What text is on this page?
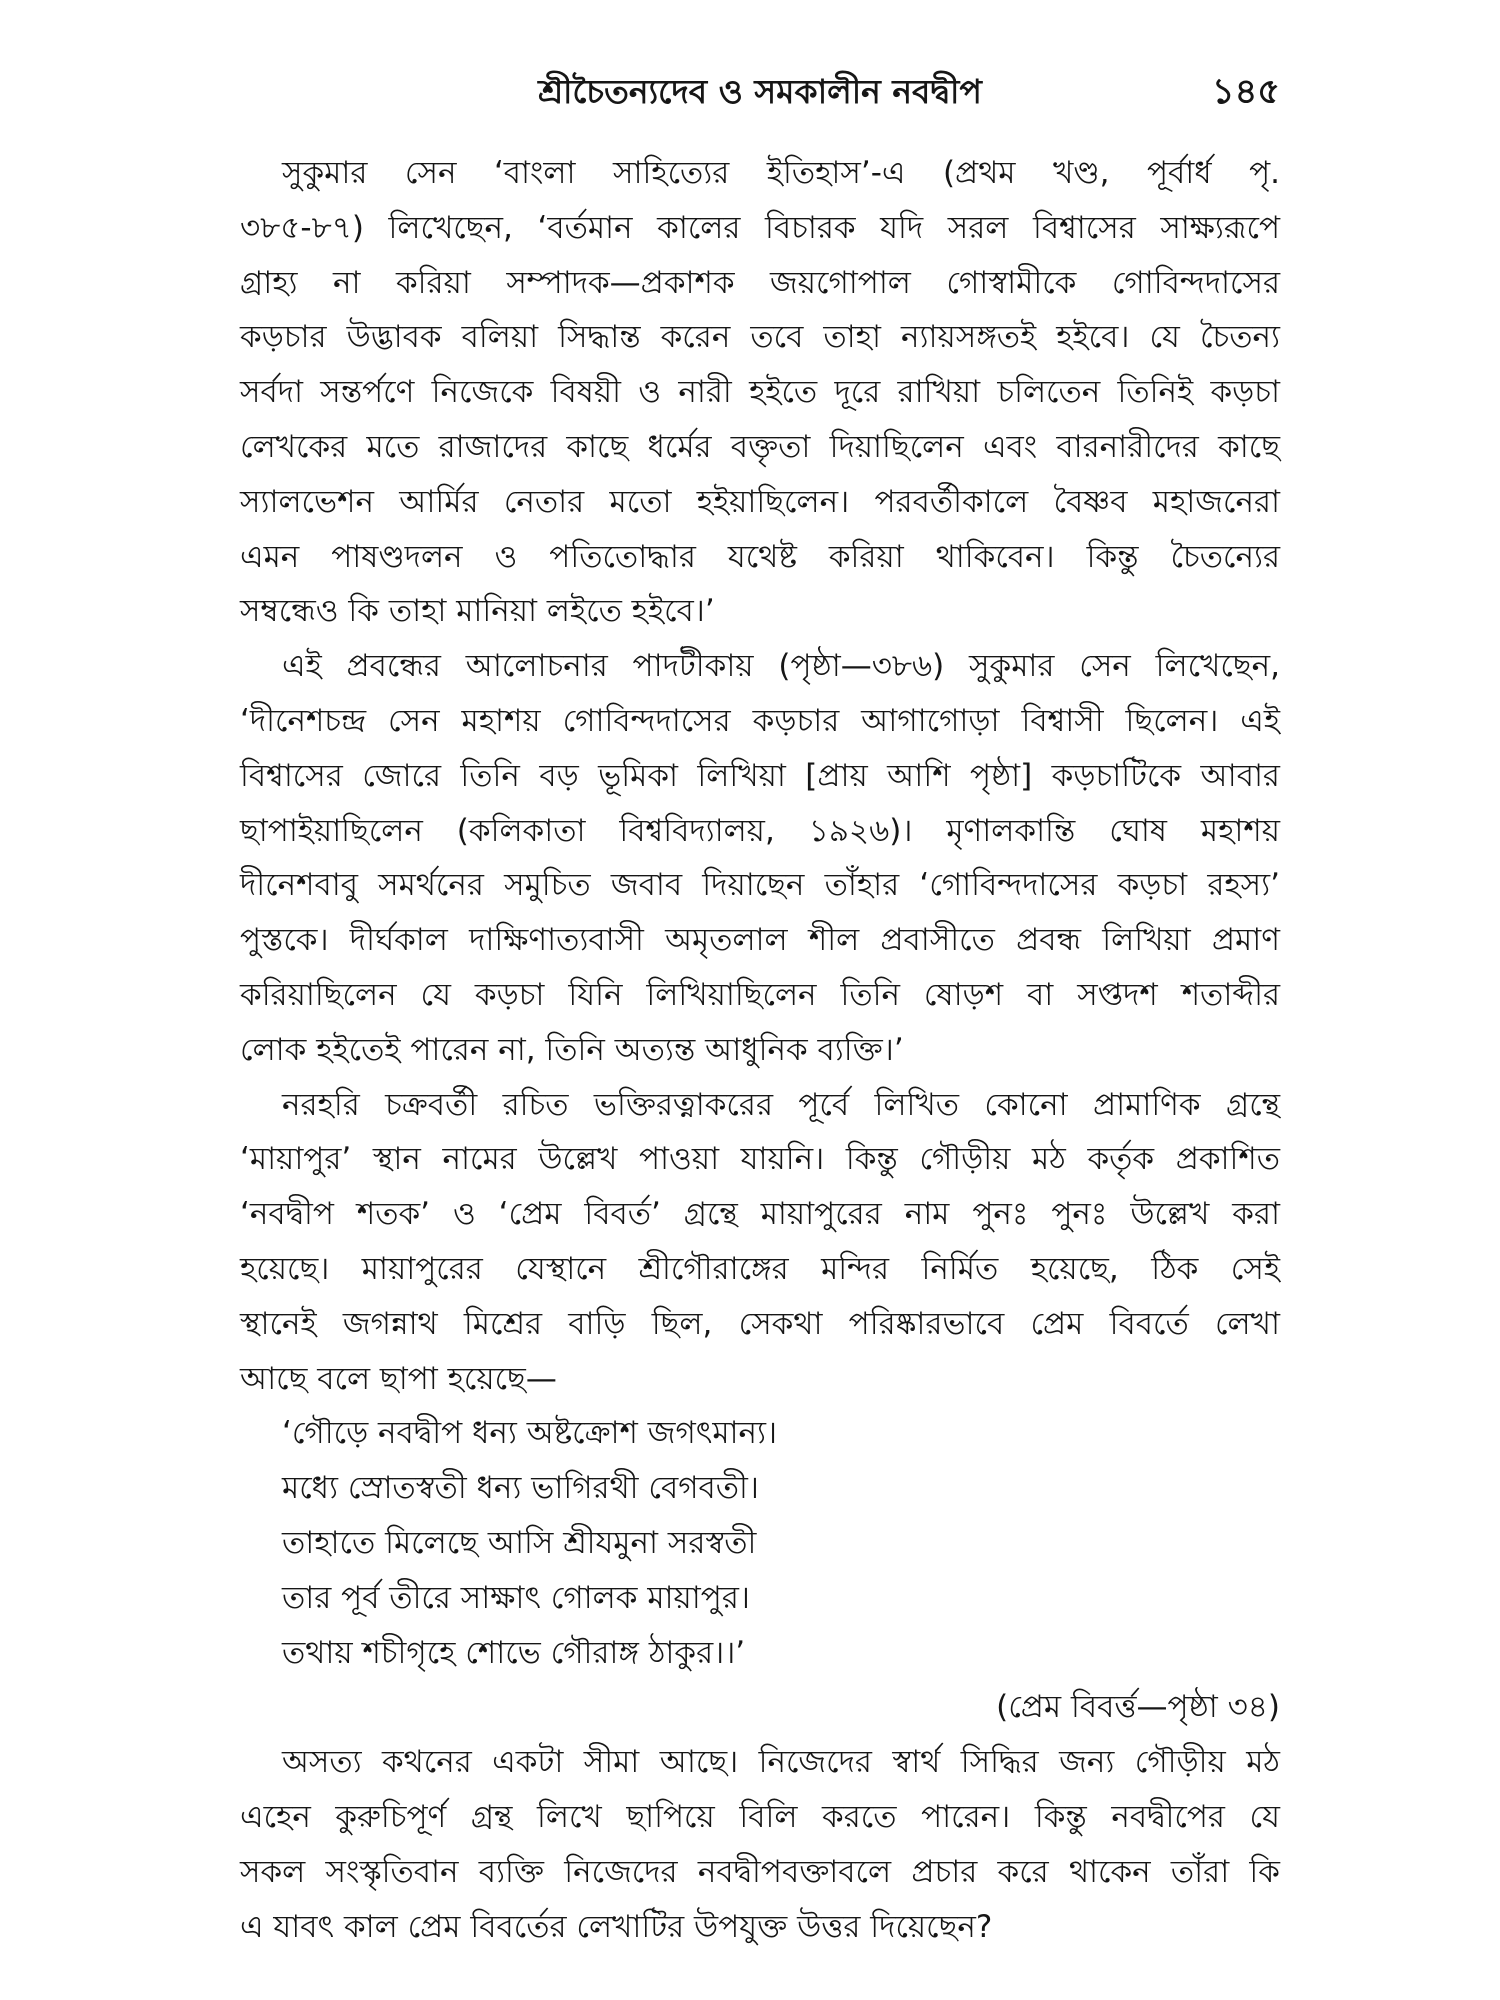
শ্রীচৈতন্যদেব ও সমকালীন নবদ্বীপ	১৪৫
সুকুমার সেন ‘বাংলা সাহিত্যের ইতিহাস’-এ (প্রথম খণ্ড, পূর্বার্ধ পৃ.
৩৮৫-৮৭) লিখেছেন, ‘বর্তমান কালের বিচারক যদি সরল বিশ্বাসের সাক্ষ্যরূপে
গ্রাহ্য না করিয়া সম্পাদক—প্রকাশক জয়গোপাল গোস্বামীকে গোবিন্দদাসের
কড়চার উদ্ভাবক বলিয়া সিদ্ধান্ত করেন তবে তাহা ন্যায়সঙ্গতই হইবে। যে চৈতন্য
সর্বদা সন্তর্পণে নিজেকে বিষয়ী ও নারী হইতে দূরে রাখিয়া চলিতেন তিনিই কড়চা
লেখকের মতে রাজাদের কাছে ধর্মের বক্তৃতা দিয়াছিলেন এবং বারনারীদের কাছে
স্যালভেশন আর্মির নেতার মতো হইয়াছিলেন। পরবর্তীকালে বৈষ্ণব মহাজনেরা
এমন পাষণ্ডদলন ও পতিতোদ্ধার যথেষ্ট করিয়া থাকিবেন। কিন্তু চৈতন্যের
সম্বন্ধেও কি তাহা মানিয়া লইতে হইবে।’
এই প্রবন্ধের আলোচনার পাদটীকায় (পৃষ্ঠা—৩৮৬) সুকুমার সেন লিখেছেন,
‘দীনেশচন্দ্র সেন মহাশয় গোবিন্দদাসের কড়চার আগাগোড়া বিশ্বাসী ছিলেন। এই
বিশ্বাসের জোরে তিনি বড় ভূমিকা লিখিয়া [প্রায় আশি পৃষ্ঠা] কড়চাটিকে আবার
ছাপাইয়াছিলেন (কলিকাতা বিশ্ববিদ্যালয়, ১৯২৬)। মৃণালকান্তি ঘোষ মহাশয়
দীনেশবাবু সমর্থনের সমুচিত জবাব দিয়াছেন তাঁহার ‘গোবিন্দদাসের কড়চা রহস্য’
পুস্তকে। দীর্ঘকাল দাক্ষিণাত্যবাসী অমৃতলাল শীল প্রবাসীতে প্রবন্ধ লিখিয়া প্রমাণ
করিয়াছিলেন যে কড়চা যিনি লিখিয়াছিলেন তিনি ষোড়শ বা সপ্তদশ শতাব্দীর
লোক হইতেই পারেন না, তিনি অত্যন্ত আধুনিক ব্যক্তি।’
নরহরি চক্রবর্তী রচিত ভক্তিরত্নাকরের পূর্বে লিখিত কোনো প্রামাণিক গ্রন্থে
‘মায়াপুর’ স্থান নামের উল্লেখ পাওয়া যায়নি। কিন্তু গৌড়ীয় মঠ কর্তৃক প্রকাশিত
‘নবদ্বীপ শতক’ ও ‘প্রেম বিবর্ত’ গ্রন্থে মায়াপুরের নাম পুনঃ পুনঃ উল্লেখ করা
হয়েছে। মায়াপুরের যেস্থানে শ্রীগৌরাঙ্গের মন্দির নির্মিত হয়েছে, ঠিক সেই
স্থানেই জগন্নাথ মিশ্রের বাড়ি ছিল, সেকথা পরিষ্কারভাবে প্রেম বিবর্তে লেখা
আছে বলে ছাপা হয়েছে—
‘গৌড়ে নবদ্বীপ ধন্য অষ্টক্রোশ জগৎমান্য।
মধ্যে স্রোতস্বতী ধন্য ভাগিরথী বেগবতী।
তাহাতে মিলেছে আসি শ্রীযমুনা সরস্বতী
তার পূর্ব তীরে সাক্ষাৎ গোলক মায়াপুর।
তথায় শচীগৃহে শোভে গৌরাঙ্গ ঠাকুর।।’
(প্রেম বিবর্ত্ত—পৃষ্ঠা ৩৪)
অসত্য কথনের একটা সীমা আছে। নিজেদের স্বার্থ সিদ্ধির জন্য গৌড়ীয় মঠ
এহেন কুরুচিপূর্ণ গ্রন্থ লিখে ছাপিয়ে বিলি করতে পারেন। কিন্তু নবদ্বীপের যে
সকল সংস্কৃতিবান ব্যক্তি নিজেদের নবদ্বীপবক্তাবলে প্রচার করে থাকেন তাঁরা কি
এ যাবৎ কাল প্রেম বিবর্তের লেখাটির উপযুক্ত উত্তর দিয়েছেন?
